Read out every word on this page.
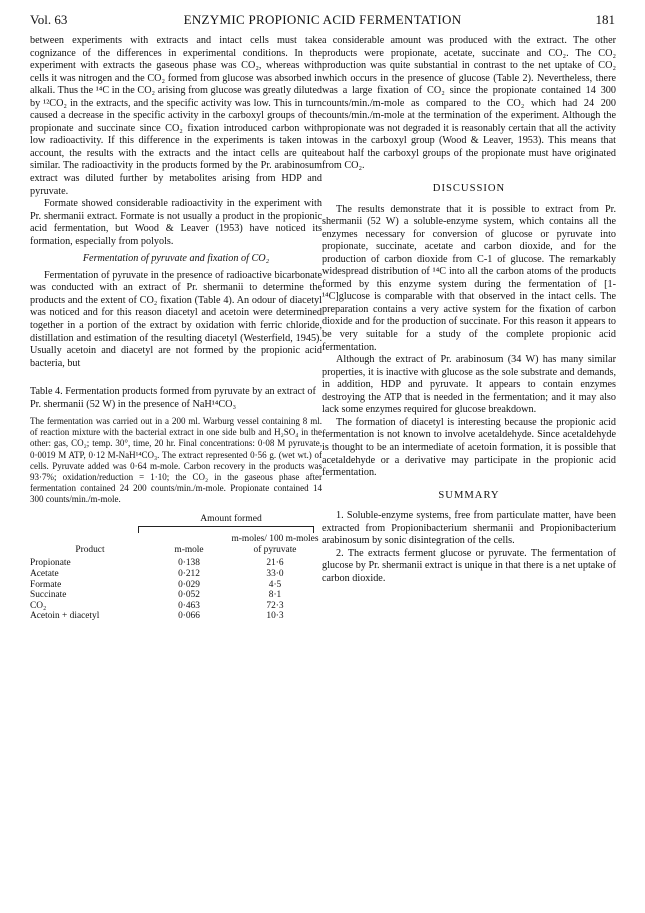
Vol. 63	ENZYMIC PROPIONIC ACID FERMENTATION	181

between experiments with extracts and intact cells must take cognizance of the differences in experimental conditions. In the experiment with extracts the gaseous phase was CO₂, whereas with cells it was nitrogen and the CO₂ formed from glucose was absorbed in alkali. Thus the ¹⁴C in the CO₂ arising from glucose was greatly diluted by ¹²CO₂ in the extracts, and the specific activity was low. This in turn caused a decrease in the specific activity in the carboxyl groups of the propionate and succinate since CO₂ fixation introduced carbon with low radioactivity. If this difference in the experiments is taken into account, the results with the extracts and the intact cells are quite similar. The radioactivity in the products formed by the Pr. arabinosum extract was diluted further by metabolites arising from HDP and pyruvate.

Formate showed considerable radioactivity in the experiment with Pr. shermanii extract. Formate is not usually a product in the propionic acid fermentation, but Wood & Leaver (1953) have noticed its formation, especially from polyols.

Fermentation of pyruvate and fixation of CO₂

Fermentation of pyruvate in the presence of radioactive bicarbonate was conducted with an extract of Pr. shermanii to determine the products and the extent of CO₂ fixation (Table 4). An odour of diacetyl was noticed and for this reason diacetyl and acetoin were determined together in a portion of the extract by oxidation with ferric chloride, distillation and estimation of the resulting diacetyl (Westerfield, 1945). Usually acetoin and diacetyl are not formed by the propionic acid bacteria, but

Table 4. Fermentation products formed from pyruvate by an extract of Pr. shermanii (52 W) in the presence of NaH¹⁴CO₃

The fermentation was carried out in a 200 ml. Warburg vessel containing 8 ml. of reaction mixture with the bacterial extract in one side bulb and H₂SO₄ in the other: gas, CO₂; temp. 30°, time, 20 hr. Final concentrations: 0·08 M pyruvate, 0·0019 M ATP, 0·12 M-NaH¹⁴CO₃. The extract represented 0·56 g. (wet wt.) of cells. Pyruvate added was 0·64 m-mole. Carbon recovery in the products was 93·7%; oxidation/reduction = 1·10; the CO₂ in the gaseous phase after fermentation contained 24 200 counts/min./m-mole. Propionate contained 14 300 counts/min./m-mole.

Amount formed
Product	m-mole	m-moles/ 100 m-moles of pyruvate
Propionate	0·138	21·6
Acetate	0·212	33·0
Formate	0·029	4·5
Succinate	0·052	8·1
CO₂	0·463	72·3
Acetoin + diacetyl	0·066	10·3

a considerable amount was produced with the extract. The other products were propionate, acetate, succinate and CO₂. The CO₂ production was quite substantial in contrast to the net uptake of CO₂ which occurs in the presence of glucose (Table 2). Nevertheless, there was a large fixation of CO₂ since the propionate contained 14 300 counts/min./m-mole as compared to the CO₂ which had 24 200 counts/min./m-mole at the termination of the experiment. Although the propionate was not degraded it is reasonably certain that all the activity was in the carboxyl group (Wood & Leaver, 1953). This means that about half the carboxyl groups of the propionate must have originated from CO₂.

DISCUSSION

The results demonstrate that it is possible to extract from Pr. shermanii (52 W) a soluble-enzyme system, which contains all the enzymes necessary for conversion of glucose or pyruvate into propionate, succinate, acetate and carbon dioxide, and for the production of carbon dioxide from C-1 of glucose. The remarkably widespread distribution of ¹⁴C into all the carbon atoms of the products formed by this enzyme system during the fermentation of [1-¹⁴C]glucose is comparable with that observed in the intact cells. The preparation contains a very active system for the fixation of carbon dioxide and for the production of succinate. For this reason it appears to be very suitable for a study of the complete propionic acid fermentation.

Although the extract of Pr. arabinosum (34 W) has many similar properties, it is inactive with glucose as the sole substrate and demands, in addition, HDP and pyruvate. It appears to contain enzymes destroying the ATP that is needed in the fermentation; and it may also lack some enzymes required for glucose breakdown.

The formation of diacetyl is interesting because the propionic acid fermentation is not known to involve acetaldehyde. Since acetaldehyde is thought to be an intermediate of acetoin formation, it is possible that acetaldehyde or a derivative may participate in the propionic acid fermentation.

SUMMARY

1. Soluble-enzyme systems, free from particulate matter, have been extracted from Propionibacterium shermanii and Propionibacterium arabinosum by sonic disintegration of the cells.

2. The extracts ferment glucose or pyruvate. The fermentation of glucose by Pr. shermanii extract is unique in that there is a net uptake of carbon dioxide.
